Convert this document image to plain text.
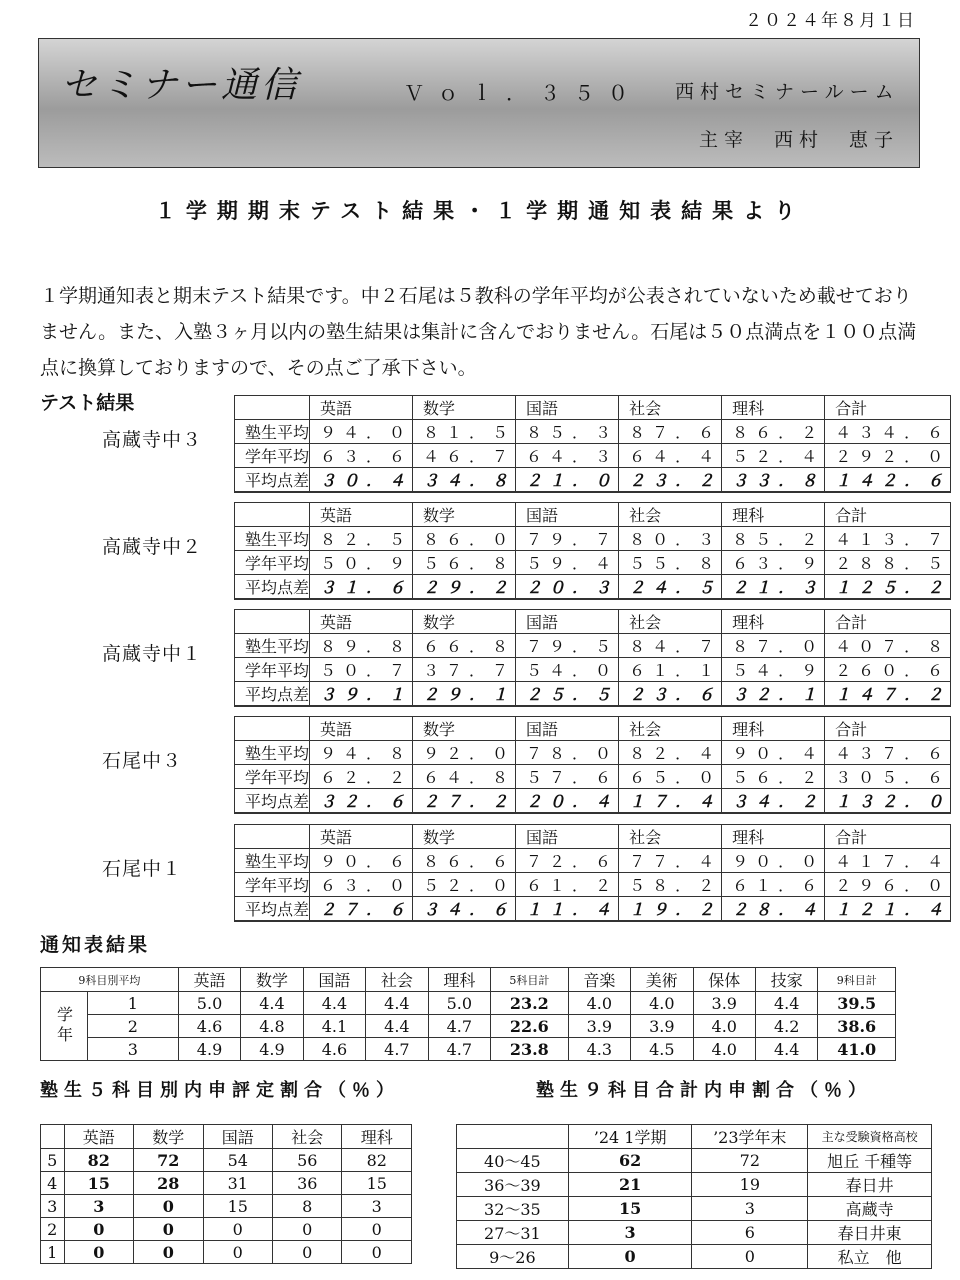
２０２４年８月１日
セミナー通信	Ｖｏｌ．３５０ 西村セミナールーム
主宰　西村　恵子
１学期期末テスト結果・１学期通知表結果より
１学期通知表と期末テスト結果です。中２石尾は５教科の学年平均が公表されていないため載せておりません。また、入塾３ヶ月以内の塾生結果は集計に含んでおりません。石尾は５０点満点を１００点満点に換算しておりますので、その点ご了承下さい。
テスト結果
高蔵寺中３
	英語	数学	国語	社会	理科	合計
塾生平均	９４．０	８１．５	８５．３	８７．６	８６．２	４３４．６
学年平均	６３．６	４６．７	６４．３	６４．４	５２．４	２９２．０
平均点差	３０．４	３４．８	２１．０	２３．２	３３．８	１４２．６
高蔵寺中２
	英語	数学	国語	社会	理科	合計
塾生平均	８２．５	８６．０	７９．７	８０．３	８５．２	４１３．７
学年平均	５０．９	５６．８	５９．４	５５．８	６３．９	２８８．５
平均点差	３１．６	２９．２	２０．３	２４．５	２１．３	１２５．２
高蔵寺中１
	英語	数学	国語	社会	理科	合計
塾生平均	８９．８	６６．８	７９．５	８４．７	８７．０	４０７．８
学年平均	５０．７	３７．７	５４．０	６１．１	５４．９	２６０．６
平均点差	３９．１	２９．１	２５．５	２３．６	３２．１	１４７．２
石尾中３
	英語	数学	国語	社会	理科	合計
塾生平均	９４．８	９２．０	７８．０	８２．４	９０．４	４３７．６
学年平均	６２．２	６４．８	５７．６	６５．０	５６．２	３０５．６
平均点差	３２．６	２７．２	２０．４	１７．４	３４．２	１３２．０
石尾中１
	英語	数学	国語	社会	理科	合計
塾生平均	９０．６	８６．６	７２．６	７７．４	９０．０	４１７．４
学年平均	６３．０	５２．０	６１．２	５８．２	６１．６	２９６．０
平均点差	２７．６	３４．６	１１．４	１９．２	２８．４	１２１．４
通知表結果
9科目別平均		英語	数学	国語	社会	理科	5科目計	音楽	美術	保体	技家	9科目計
学年	1	5.0	4.4	4.4	4.4	5.0	23.2	4.0	4.0	3.9	4.4	39.5
	2	4.6	4.8	4.1	4.4	4.7	22.6	3.9	3.9	4.0	4.2	38.6
	3	4.9	4.9	4.6	4.7	4.7	23.8	4.3	4.5	4.0	4.4	41.0
塾生５科目別内申評定割合（％）	塾生９科目合計内申割合（％）
	英語	数学	国語	社会	理科
5	82	72	54	56	82
4	15	28	31	36	15
3	3	0	15	8	3
2	0	0	0	0	0
1	0	0	0	0	0
	’24 1学期	’23学年末	主な受験資格高校
40～45	62	72	旭丘 千種等
36～39	21	19	春日井
32～35	15	3	高蔵寺
27～31	3	6	春日井東
9～26	0	0	私立　他
